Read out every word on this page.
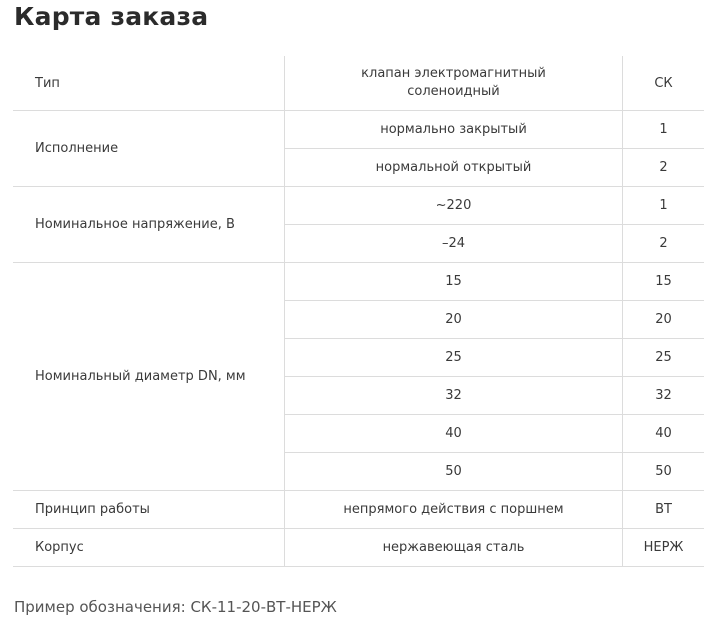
Карта заказа
Тип	клапан электромагнитный соленоидный	СК
Исполнение	нормально закрытый	1
	нормальной открытый	2
Номинальное напряжение, В	~220	1
	–24	2
Номинальный диаметр DN, мм	15	15
	20	20
	25	25
	32	32
	40	40
	50	50
Принцип работы	непрямого действия с поршнем	ВТ
Корпус	нержавеющая сталь	НЕРЖ

Пример обозначения: СК-11-20-ВТ-НЕРЖ
